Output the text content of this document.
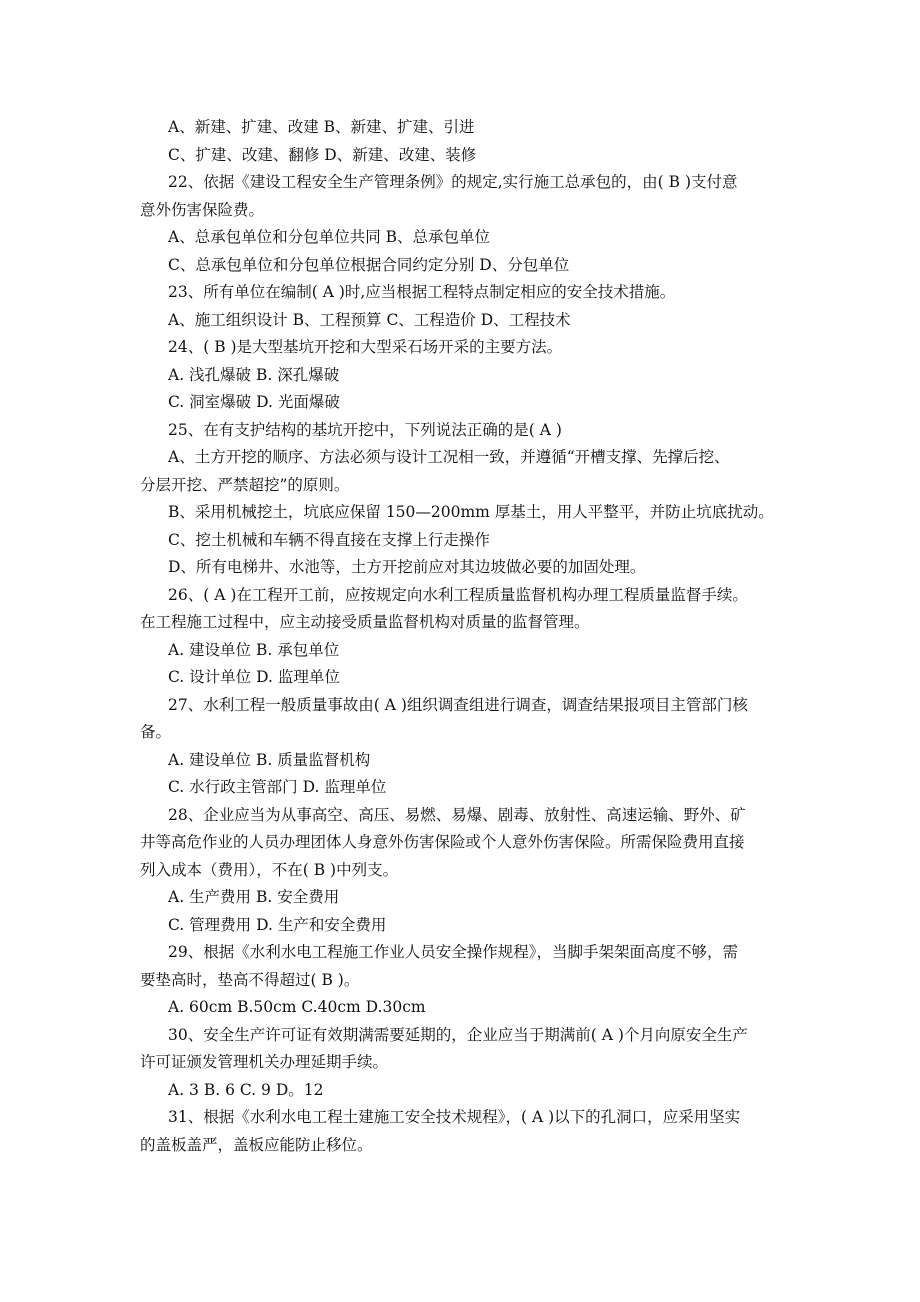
A、新建、扩建、改建 B、新建、扩建、引进
C、扩建、改建、翻修 D、新建、改建、装修
22、依据《建设工程安全生产管理条例》的规定,实行施工总承包的，由( B )支付意
意外伤害保险费。
A、总承包单位和分包单位共同 B、总承包单位
C、总承包单位和分包单位根据合同约定分别 D、分包单位
23、所有单位在编制( A )时,应当根据工程特点制定相应的安全技术措施。
A、施工组织设计 B、工程预算 C、工程造价 D、工程技术
24、( B )是大型基坑开挖和大型采石场开采的主要方法。
A. 浅孔爆破 B. 深孔爆破
C. 洞室爆破 D. 光面爆破
25、在有支护结构的基坑开挖中，下列说法正确的是( A )
A、土方开挖的顺序、方法必须与设计工况相一致，并遵循“开槽支撑、先撑后挖、
分层开挖、严禁超挖”的原则。
B、采用机械挖土，坑底应保留 150—200mm 厚基土，用人平整平，并防止坑底扰动。
C、挖土机械和车辆不得直接在支撑上行走操作
D、所有电梯井、水池等，土方开挖前应对其边坡做必要的加固处理。
26、( A )在工程开工前，应按规定向水利工程质量监督机构办理工程质量监督手续。
在工程施工过程中，应主动接受质量监督机构对质量的监督管理。
A. 建设单位 B. 承包单位
C. 设计单位 D. 监理单位
27、水利工程一般质量事故由( A )组织调查组进行调查，调查结果报项目主管部门核
备。
A. 建设单位 B. 质量监督机构
C. 水行政主管部门 D. 监理单位
28、企业应当为从事高空、高压、易燃、易爆、剧毒、放射性、高速运输、野外、矿
井等高危作业的人员办理团体人身意外伤害保险或个人意外伤害保险。所需保险费用直接
列入成本（费用），不在( B )中列支。
A. 生产费用 B. 安全费用
C. 管理费用 D. 生产和安全费用
29、根据《水利水电工程施工作业人员安全操作规程》，当脚手架架面高度不够，需
要垫高时，垫高不得超过( B )。
A. 60cm B.50cm C.40cm D.30cm
30、安全生产许可证有效期满需要延期的，企业应当于期满前( A )个月向原安全生产
许可证颁发管理机关办理延期手续。
A. 3 B. 6 C. 9 D。12
31、根据《水利水电工程土建施工安全技术规程》，( A )以下的孔洞口，应采用坚实
的盖板盖严，盖板应能防止移位。
